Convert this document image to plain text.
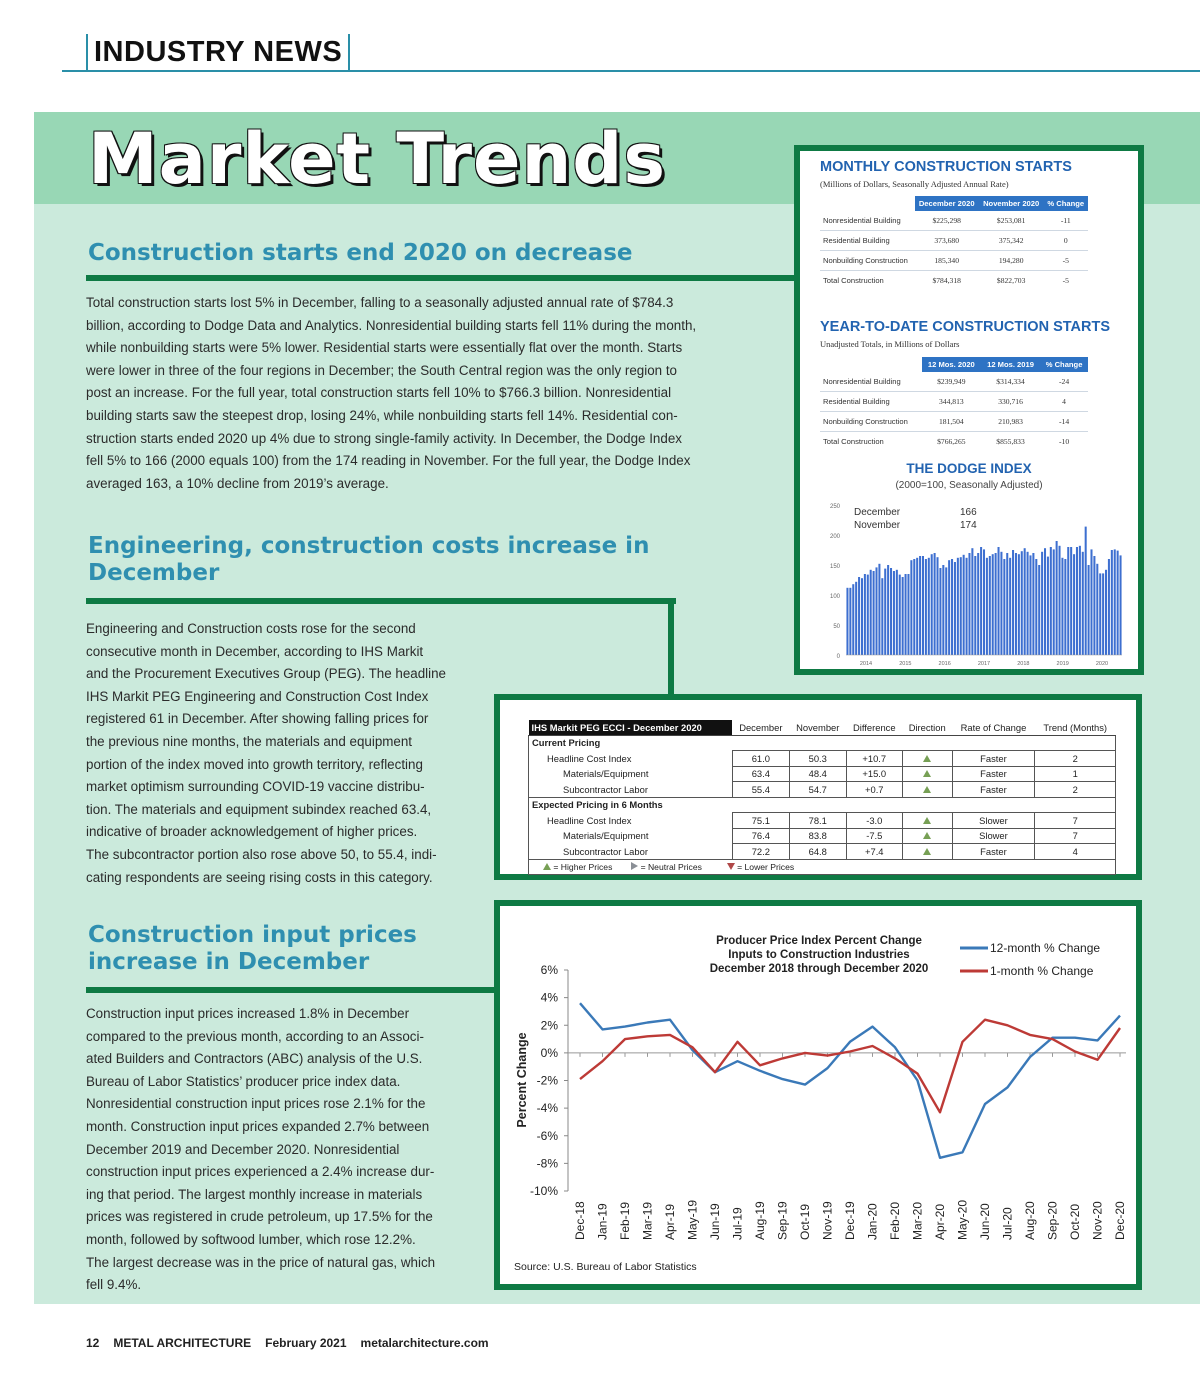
INDUSTRY NEWS
Market Trends
Construction starts end 2020 on decrease
Total construction starts lost 5% in December, falling to a seasonally adjusted annual rate of $784.3
billion, according to Dodge Data and Analytics. Nonresidential building starts fell 11% during the month,
while nonbuilding starts were 5% lower. Residential starts were essentially flat over the month. Starts
were lower in three of the four regions in December; the South Central region was the only region to
post an increase. For the full year, total construction starts fell 10% to $766.3 billion. Nonresidential
building starts saw the steepest drop, losing 24%, while nonbuilding starts fell 14%. Residential con-
struction starts ended 2020 up 4% due to strong single-family activity. In December, the Dodge Index
fell 5% to 166 (2000 equals 100) from the 174 reading in November. For the full year, the Dodge Index
averaged 163, a 10% decline from 2019’s average.
Engineering, construction costs increase in
December
Engineering and Construction costs rose for the second
consecutive month in December, according to IHS Markit
and the Procurement Executives Group (PEG). The headline
IHS Markit PEG Engineering and Construction Cost Index
registered 61 in December. After showing falling prices for
the previous nine months, the materials and equipment
portion of the index moved into growth territory, reflecting
market optimism surrounding COVID-19 vaccine distribu-
tion. The materials and equipment subindex reached 63.4,
indicative of broader acknowledgement of higher prices.
The subcontractor portion also rose above 50, to 55.4, indi-
cating respondents are seeing rising costs in this category.
Construction input prices
increase in December
Construction input prices increased 1.8% in December
compared to the previous month, according to an Associ-
ated Builders and Contractors (ABC) analysis of the U.S.
Bureau of Labor Statistics’ producer price index data.
Nonresidential construction input prices rose 2.1% for the
month. Construction input prices expanded 2.7% between
December 2019 and December 2020. Nonresidential
construction input prices experienced a 2.4% increase dur-
ing that period. The largest monthly increase in materials
prices was registered in crude petroleum, up 17.5% for the
month, followed by softwood lumber, which rose 12.2%.
The largest decrease was in the price of natural gas, which
fell 9.4%.
MONTHLY CONSTRUCTION STARTS
(Millions of Dollars, Seasonally Adjusted Annual Rate)
	December 2020	November 2020	% Change
Nonresidential Building	$225,298	$253,081	-11
Residential Building	373,680	375,342	0
Nonbuilding Construction	185,340	194,280	-5
Total Construction	$784,318	$822,703	-5
YEAR-TO-DATE CONSTRUCTION STARTS
Unadjusted Totals, in Millions of Dollars
	12 Mos. 2020	12 Mos. 2019	% Change
Nonresidential Building	$239,949	$314,334	-24
Residential Building	344,813	330,716	4
Nonbuilding Construction	181,504	210,983	-14
Total Construction	$766,265	$855,833	-10
THE DODGE INDEX
(2000=100, Seasonally Adjusted)
250
200
150
100
50
0
2014	2015	2016	2017	2018	2019	2020
December	166
November	174
IHS Markit PEG ECCI - December 2020	December	November	Difference	Direction	Rate of Change	Trend (Months)
Current Pricing						
Headline Cost Index	61.0	50.3	+10.7		Faster	2
Materials/Equipment	63.4	48.4	+15.0		Faster	1
Subcontractor Labor	55.4	54.7	+0.7		Faster	2
Expected Pricing in 6 Months						
Headline Cost Index	75.1	78.1	-3.0		Slower	7
Materials/Equipment	76.4	83.8	-7.5		Slower	7
Subcontractor Labor	72.2	64.8	+7.4		Faster	4
= Higher Prices = Neutral Prices = Lower Prices						
Producer Price Index Percent Change
Inputs to Construction Industries
December 2018 through December 2020
6%
4%
2%
0%
-2%
-4%
-6%
-8%
-10%
Dec-18 Jan-19 Feb-19 Mar-19 Apr-19 May-19 Jun-19 Jul-19 Aug-19 Sep-19 Oct-19 Nov-19 Dec-19 Jan-20 Feb-20 Mar-20 Apr-20 May-20 Jun-20 Jul-20 Aug-20 Sep-20 Oct-20 Nov-20 Dec-20
Percent Change
12-month % Change
1-month % Change
Source: U.S. Bureau of Labor Statistics
12 METAL ARCHITECTURE February 2021 metalarchitecture.com
